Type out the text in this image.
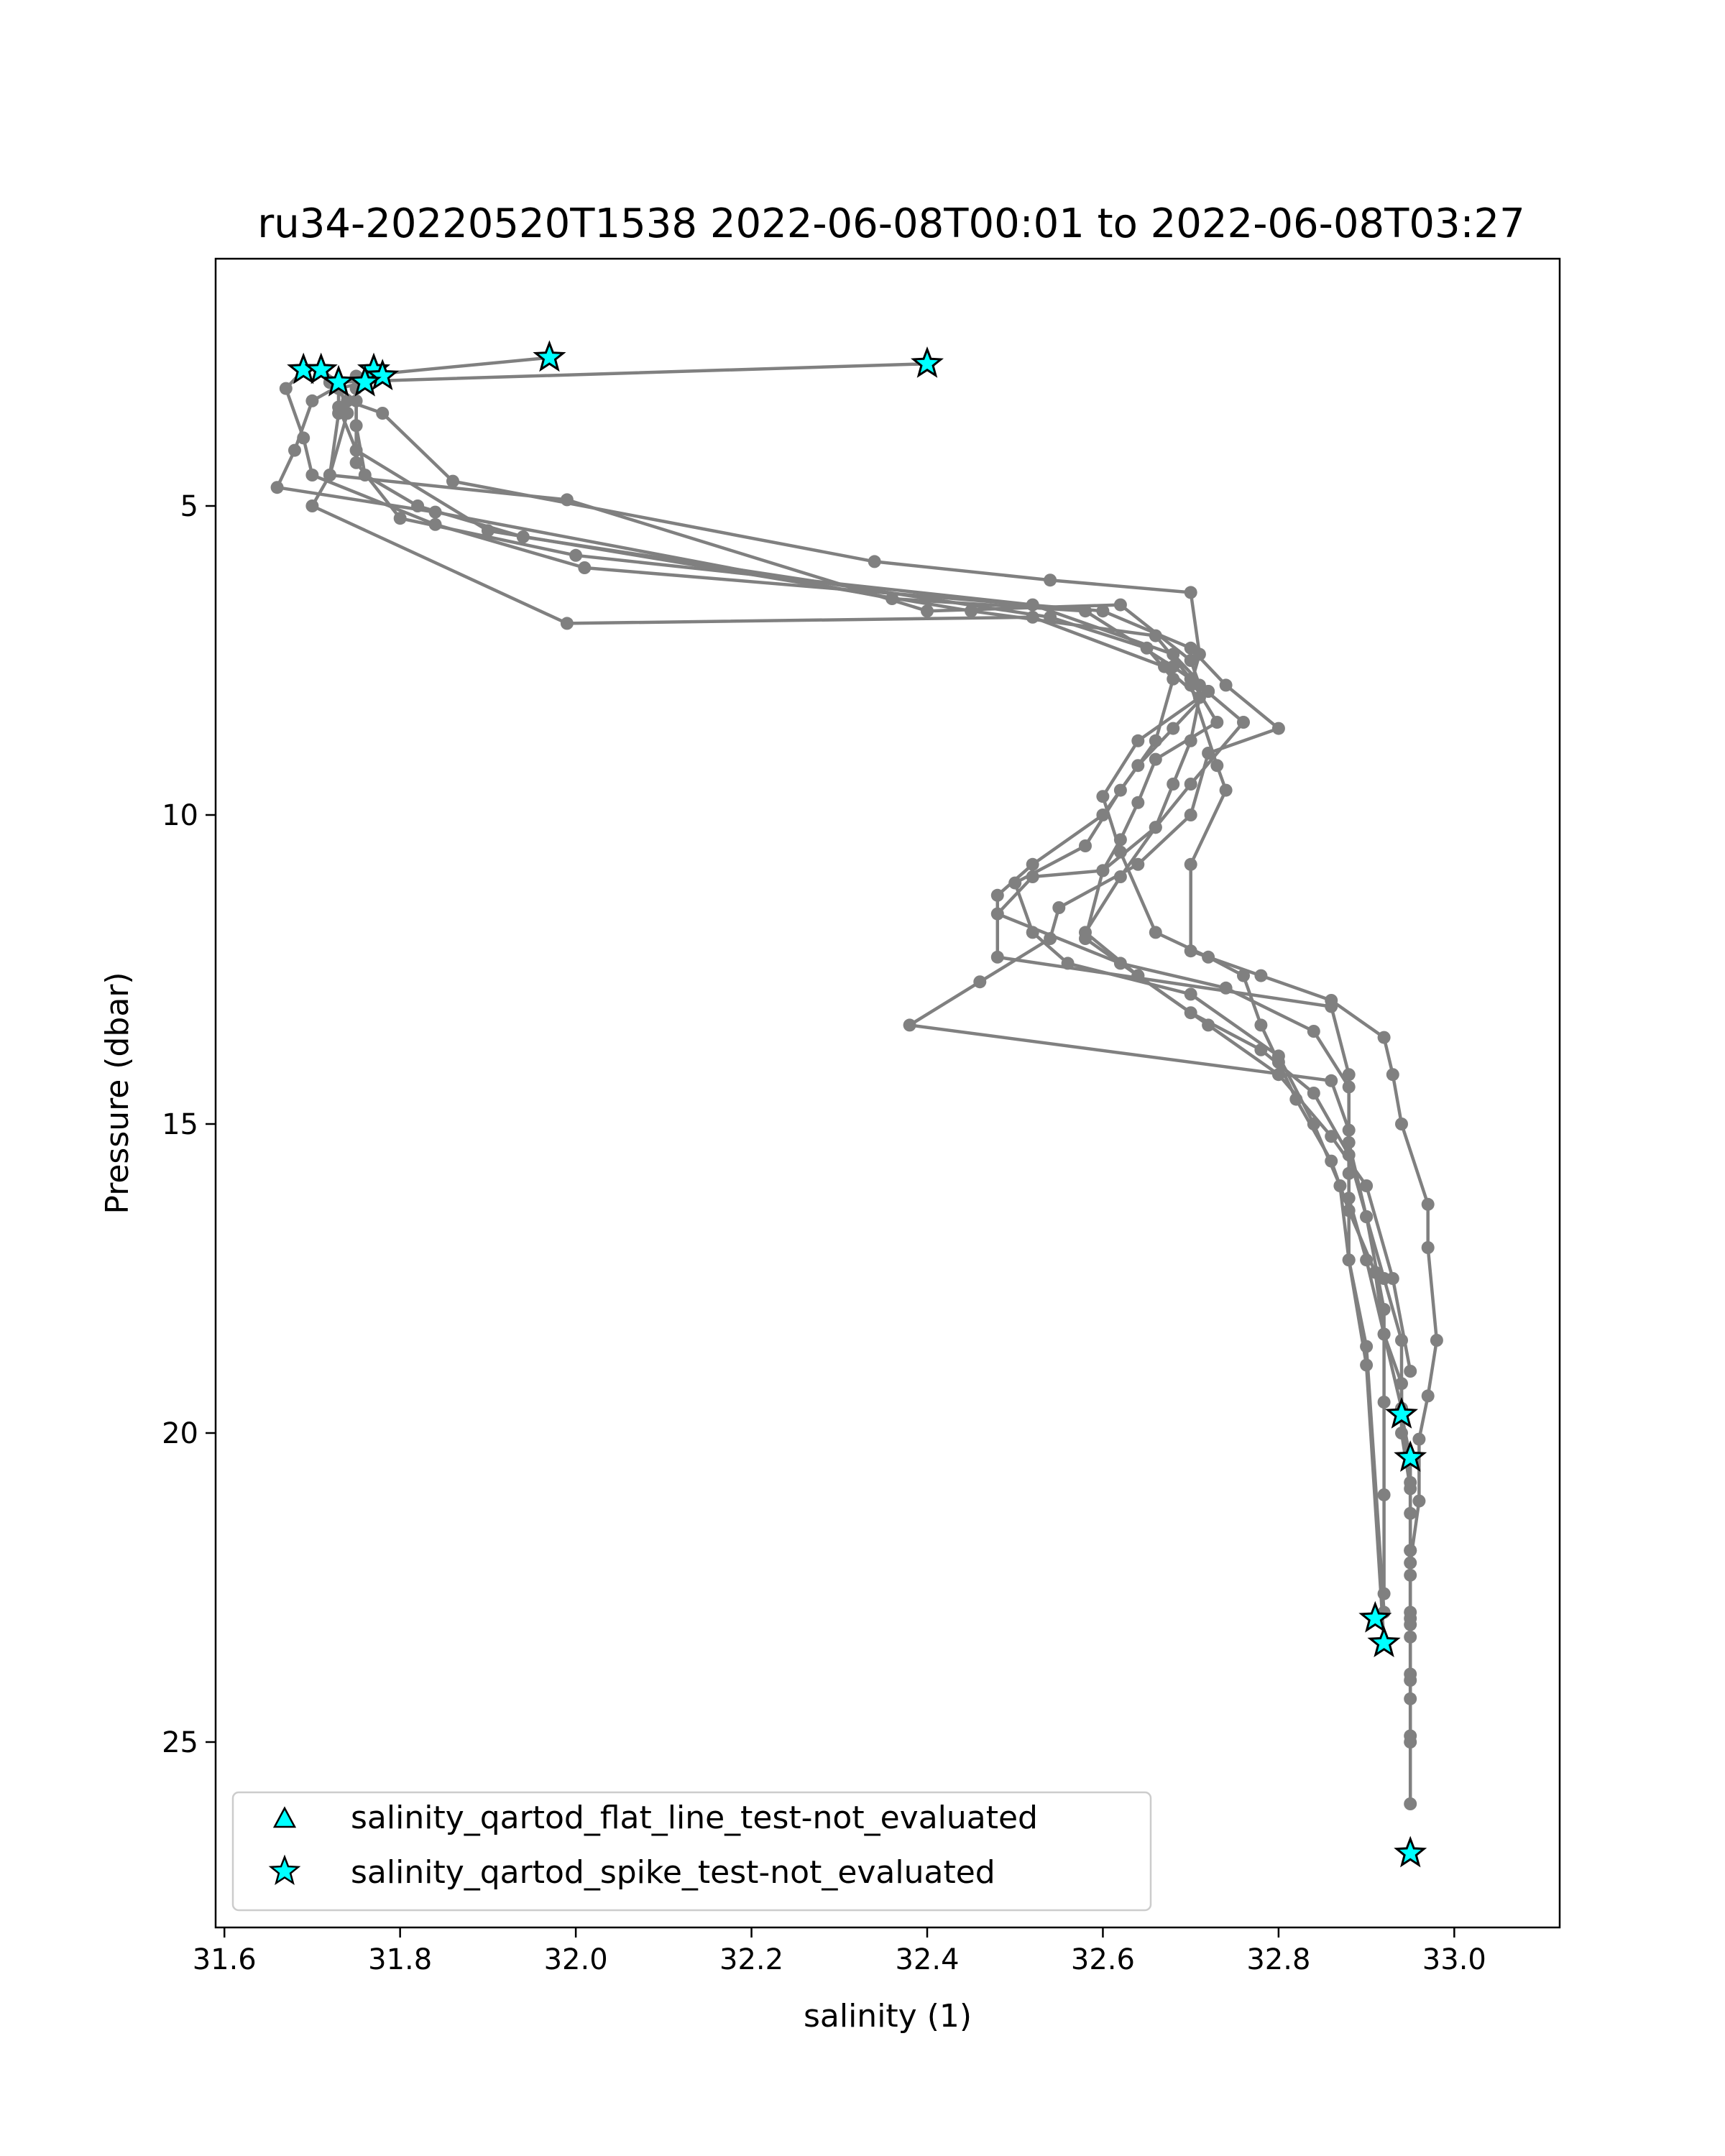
ru34-20220520T1538 2022-06-08T00:01 to 2022-06-08T03:27
31.6	31.8	32.0	32.2	32.4	32.6	32.8	33.0
5
10
15
20
25
salinity (1)
Pressure (dbar)
salinity_qartod_flat_line_test-not_evaluated
salinity_qartod_spike_test-not_evaluated
